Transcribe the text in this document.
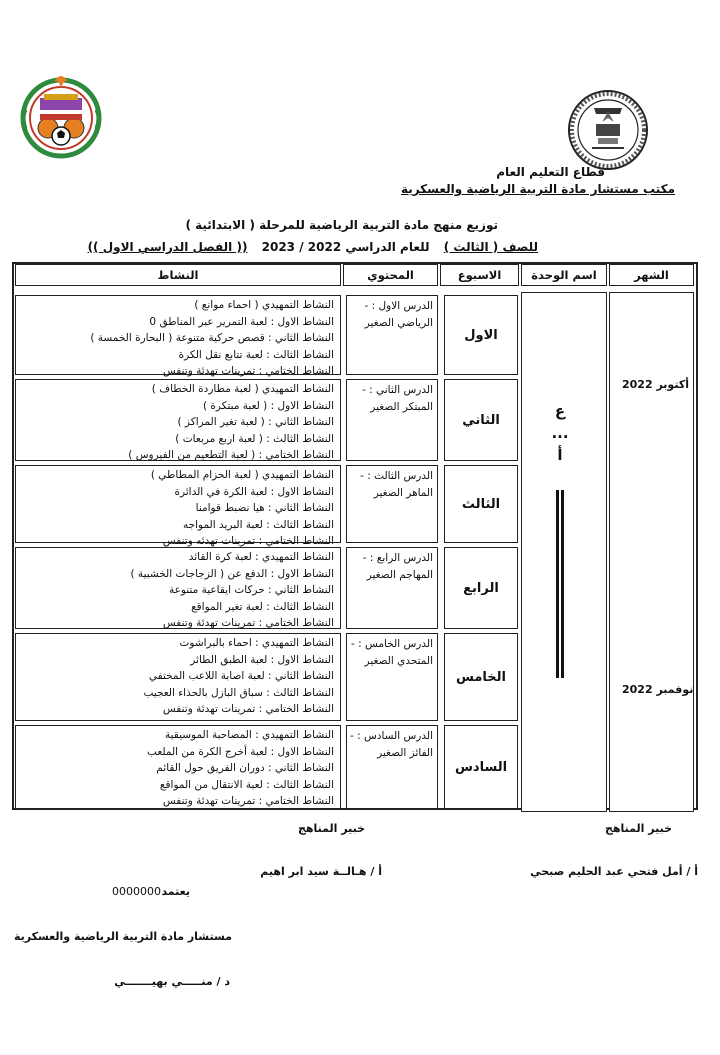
قطاع التعليم العام
مكتب مستشار مادة التربية الرياضية والعسكرية
توزيع منهج مادة التربية الرياضية للمرحلة ( الابتدائية )
للصف ( الثالث ) للعام الدراسي 2022 / 2023 (( الفصل الدراسي الاول ))
الشهر
اسم الوحدة
الاسبوع
المحتوي
النشاط
أكتوبر 2022
نوفمبر 2022
ع ... أ
الاول
الدرس الاول : - الرياضي الصغير
النشاط التمهيدي ( احماء موانع )
النشاط الاول : لعبة التمرير عبر المناطق 0
النشاط الثاني : قصص حركية متنوعة ( البحارة الخمسة )
النشاط الثالث : لعبة تتابع نقل الكرة
النشاط الختامي : تمرينات تهدئة وتنفس
الثاني
الدرس الثاني : - المبتكر الصغير
النشاط التمهيدي ( لعبة مطاردة الخطاف )
النشاط الاول : ( لعبة مبتكرة )
النشاط الثاني : ( لعبة تغير المراكز )
النشاط الثالث : ( لعبة اربع مربعات )
النشاط الختامي : ( لعبة التطعيم من الفيروس )
الثالث
الدرس الثالث : - الماهر الصغير
النشاط التمهيدي ( لعبة الحزام المطاطي )
النشاط الاول : لعبة الكرة في الدائرة
النشاط الثاني : هيا نضبط قوامنا
النشاط الثالث : لعبة البريد المواجه
النشاط الختامي : تمرينات تهدئه وتنفس
الرابع
الدرس الرابع : - المهاجم الصغير
النشاط التمهيدي : لعبة كرة القائد
النشاط الاول : الدفع عن ( الزجاجات الخشبية )
النشاط الثاني : حركات ايقاعية متنوعة
النشاط الثالث : لعبة تغير المواقع
النشاط الختامي : تمرينات تهدئة وتنفس
الخامس
الدرس الخامس : - المتحدي الصغير
النشاط التمهيدي : احماء بالبراشوت
النشاط الاول : لعبة الطبق الطائر
النشاط الثاني : لعبة اصابة اللاعب المختفي
النشاط الثالث : سباق البازل بالحذاء العجيب
النشاط الختامي : تمرينات تهدئة وتنفس
السادس
الدرس السادس : - الفائز الصغير
النشاط التمهيدي : المصاحبة الموسيقية
النشاط الاول : لعبة أخرج الكرة من الملعب
النشاط الثاني : دوران الفريق حول القائم
النشاط الثالث : لعبة الانتقال من المواقع
النشاط الختامي : تمرينات تهدئة وتنفس
خبير المناهج
خبير المناهج
أ / أمل فتحي عبد الحليم صبحي
أ / هـالــة سيد ابر اهيم
يعتمد
0000000
مستشار مادة التربية الرياضية والعسكرية
د / منـــــي بهيـــــــي
